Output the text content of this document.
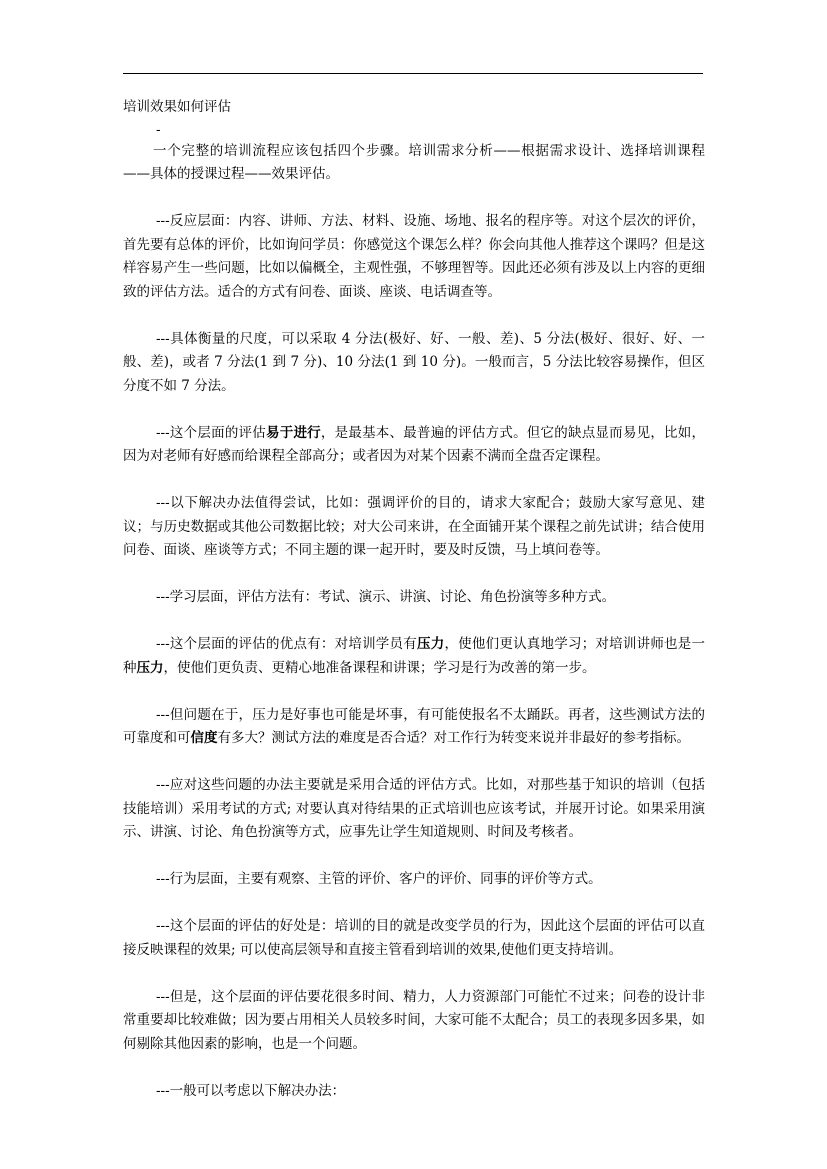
培训效果如何评估

-

一个完整的培训流程应该包括四个步骤。培训需求分析——根据需求设计、选择培训课程——具体的授课过程——效果评估。

---反应层面：内容、讲师、方法、材料、设施、场地、报名的程序等。对这个层次的评价，首先要有总体的评价，比如询问学员：你感觉这个课怎么样？你会向其他人推荐这个课吗？但是这样容易产生一些问题，比如以偏概全，主观性强，不够理智等。因此还必须有涉及以上内容的更细致的评估方法。适合的方式有问卷、面谈、座谈、电话调查等。

---具体衡量的尺度，可以采取 4 分法(极好、好、一般、差)、5 分法(极好、很好、好、一般、差)，或者 7 分法(1 到 7 分)、10 分法(1 到 10 分)。一般而言，5 分法比较容易操作，但区分度不如 7 分法。

---这个层面的评估易于进行，是最基本、最普遍的评估方式。但它的缺点显而易见，比如，因为对老师有好感而给课程全部高分；或者因为对某个因素不满而全盘否定课程。

---以下解决办法值得尝试，比如：强调评价的目的，请求大家配合；鼓励大家写意见、建议；与历史数据或其他公司数据比较；对大公司来讲，在全面铺开某个课程之前先试讲；结合使用问卷、面谈、座谈等方式；不同主题的课一起开时，要及时反馈，马上填问卷等。

---学习层面，评估方法有：考试、演示、讲演、讨论、角色扮演等多种方式。

---这个层面的评估的优点有：对培训学员有压力，使他们更认真地学习；对培训讲师也是一种压力，使他们更负责、更精心地准备课程和讲课；学习是行为改善的第一步。

---但问题在于，压力是好事也可能是坏事，有可能使报名不太踊跃。再者，这些测试方法的可靠度和可信度有多大？测试方法的难度是否合适？对工作行为转变来说并非最好的参考指标。

---应对这些问题的办法主要就是采用合适的评估方式。比如，对那些基于知识的培训（包括技能培训）采用考试的方式; 对要认真对待结果的正式培训也应该考试，并展开讨论。如果采用演示、讲演、讨论、角色扮演等方式，应事先让学生知道规则、时间及考核者。

---行为层面，主要有观察、主管的评价、客户的评价、同事的评价等方式。

---这个层面的评估的好处是：培训的目的就是改变学员的行为，因此这个层面的评估可以直接反映课程的效果; 可以使高层领导和直接主管看到培训的效果,使他们更支持培训。

---但是，这个层面的评估要花很多时间、精力，人力资源部门可能忙不过来；问卷的设计非常重要却比较难做；因为要占用相关人员较多时间，大家可能不太配合；员工的表现多因多果，如何剔除其他因素的影响，也是一个问题。

---一般可以考虑以下解决办法：
